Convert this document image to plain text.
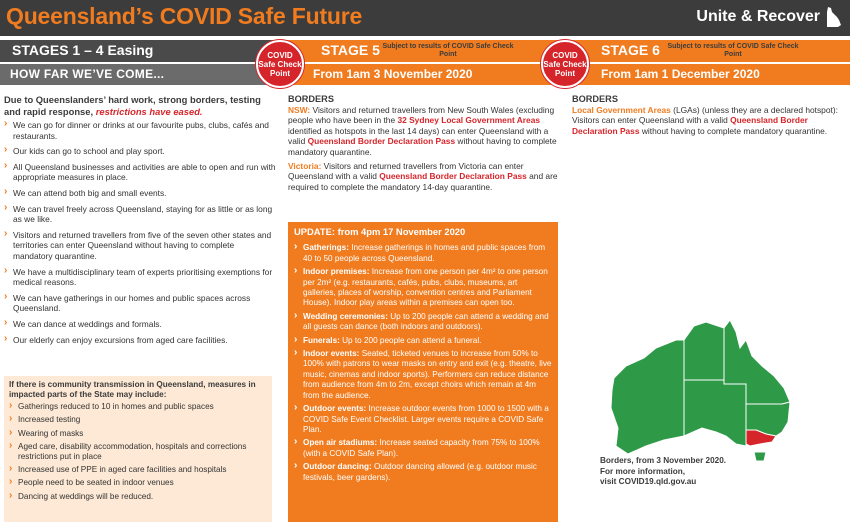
Queensland’s COVID Safe Future	Unite & Recover
STAGES 1 – 4 Easing	STAGE 5 Subject to results of COVID Safe Check Point	STAGE 6	Subject to results of COVID Safe Check Point
HOW FAR WE’VE COME...	From 1am 3 November 2020	From 1am 1 December 2020
COVID Safe Check Point
COVID Safe Check Point
Due to Queenslanders’ hard work, strong borders, testing and rapid response, restrictions have eased.
› We can go for dinner or drinks at our favourite pubs, clubs, cafés and restaurants.
› Our kids can go to school and play sport.
› All Queensland businesses and activities are able to open and run with appropriate measures in place.
› We can attend both big and small events.
› We can travel freely across Queensland, staying for as little or as long as we like.
› Visitors and returned travellers from five of the seven other states and territories can enter Queensland without having to complete mandatory quarantine.
› We have a multidisciplinary team of experts prioritising exemptions for medical reasons.
› We can have gatherings in our homes and public spaces across Queensland.
› We can dance at weddings and formals.
› Our elderly can enjoy excursions from aged care facilities.
If there is community transmission in Queensland, measures in impacted parts of the State may include:
› Gatherings reduced to 10 in homes and public spaces
› Increased testing
› Wearing of masks
› Aged care, disability accommodation, hospitals and corrections restrictions put in place
› Increased use of PPE in aged care facilities and hospitals
› People need to be seated in indoor venues
› Dancing at weddings will be reduced.
BORDERS

NSW: Visitors and returned travellers from New South Wales (excluding people who have been in the 32 Sydney Local Government Areas identified as hotspots in the last 14 days) can enter Queensland with a valid Queensland Border Declaration Pass without having to complete mandatory quarantine.

Victoria: Visitors and returned travellers from Victoria can enter Queensland with a valid Queensland Border Declaration Pass and are required to complete the mandatory 14-day quarantine.

UPDATE: from 4pm 17 November 2020
› Gatherings: Increase gatherings in homes and public spaces from 40 to 50 people across Queensland.
› Indoor premises: Increase from one person per 4m² to one person per 2m² (e.g. restaurants, cafés, pubs, clubs, museums, art galleries, places of worship, convention centres and Parliament House). Indoor play areas within a premises can open too.
› Wedding ceremonies: Up to 200 people can attend a wedding and all guests can dance (both indoors and outdoors).
› Funerals: Up to 200 people can attend a funeral.
› Indoor events: Seated, ticketed venues to increase from 50% to 100% with patrons to wear masks on entry and exit (e.g. theatre, live music, cinemas and indoor sports). Performers can reduce distance from audience from 4m to 2m, except choirs which remain at 4m from the audience.
› Outdoor events: Increase outdoor events from 1000 to 1500 with a COVID Safe Event Checklist. Larger events require a COVID Safe Plan.
› Open air stadiums: Increase seated capacity from 75% to 100% (with a COVID Safe Plan).
› Outdoor dancing: Outdoor dancing allowed (e.g. outdoor music festivals, beer gardens).
BORDERS

Local Government Areas (LGAs) (unless they are a declared hotspot): Visitors can enter Queensland with a valid Queensland Border Declaration Pass without having to complete mandatory quarantine.

Borders, from 3 November 2020.
For more information,
visit COVID19.qld.gov.au
